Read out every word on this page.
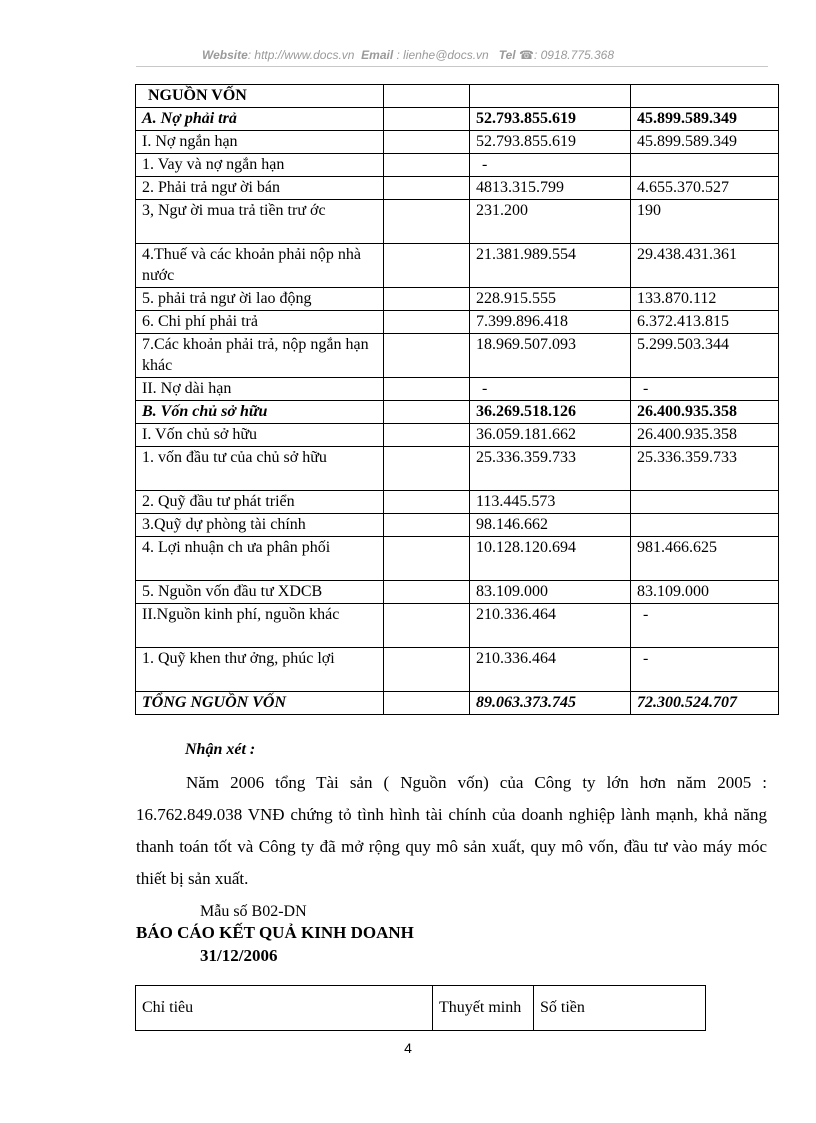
Website: http://www.docs.vn Email : lienhe@docs.vn Tel ☎: 0918.775.368
NGUỒN VỐN			
A. Nợ phải trả		52.793.855.619	45.899.589.349
I. Nợ ngắn hạn		52.793.855.619	45.899.589.349
1. Vay và nợ ngắn hạn		-	
2. Phải trả ngư ời bán		4813.315.799	4.655.370.527
3, Ngư ời mua trả tiền trư ớc		231.200	190
4.Thuế và các khoản phải nộp nhà nước		21.381.989.554	29.438.431.361
5. phải trả ngư ời lao động		228.915.555	133.870.112
6. Chi phí phải trả		7.399.896.418	6.372.413.815
7.Các khoản phải trả, nộp ngắn hạn khác		18.969.507.093	5.299.503.344
II. Nợ dài hạn		-	-
B. Vốn chủ sở hữu		36.269.518.126	26.400.935.358
I. Vốn chủ sở hữu		36.059.181.662	26.400.935.358
1. vốn đầu tư của chủ sở hữu		25.336.359.733	25.336.359.733
2. Quỹ đầu tư phát triển		113.445.573	
3.Quỹ dự phòng tài chính		98.146.662	
4. Lợi nhuận ch ưa phân phối		10.128.120.694	981.466.625
5. Nguồn vốn đầu tư XDCB		83.109.000	83.109.000
II.Nguồn kinh phí, nguồn khác		210.336.464	-
1. Quỹ khen thư ởng, phúc lợi		210.336.464	-
TỔNG NGUỒN VỐN		89.063.373.745	72.300.524.707
Nhận xét :
Năm 2006 tổng Tài sản ( Nguồn vốn) của Công ty lớn hơn năm 2005 : 16.762.849.038 VNĐ chứng tỏ tình hình tài chính của doanh nghiệp lành mạnh, khả năng thanh toán tốt và Công ty đã mở rộng quy mô sản xuất, quy mô vốn, đầu tư vào máy móc thiết bị sản xuất.
Mẫu số B02-DN
BÁO CÁO KẾT QUẢ KINH DOANH
31/12/2006
Chỉ tiêu	Thuyết minh	Số tiền
4
